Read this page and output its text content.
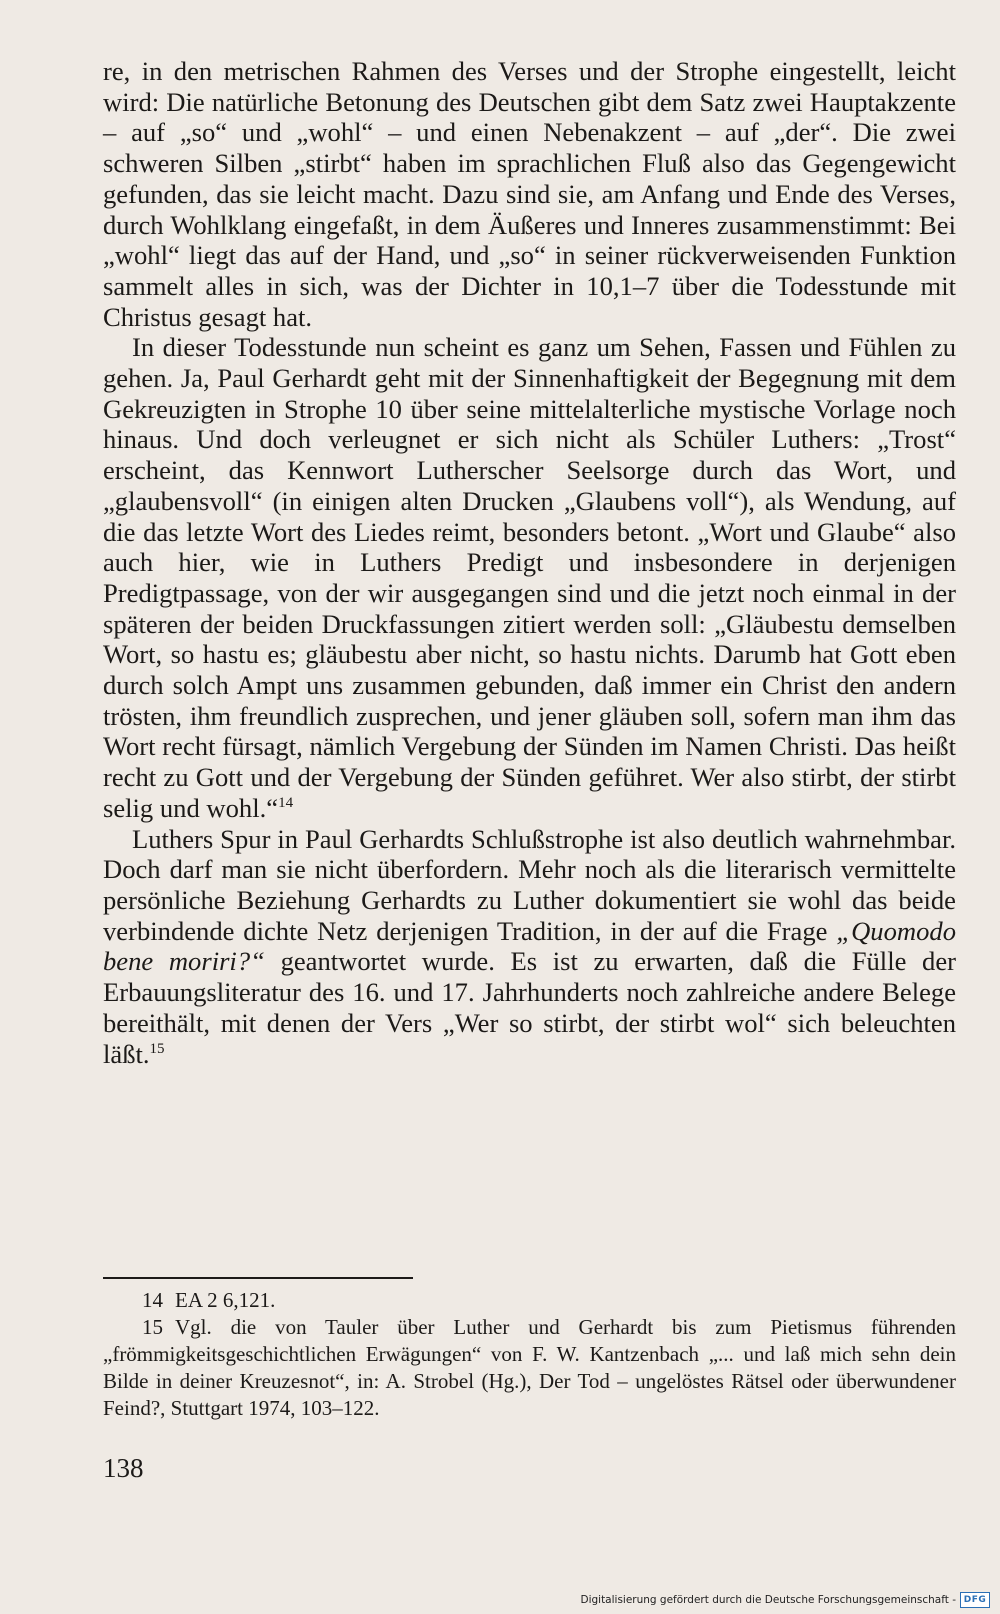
re, in den metrischen Rahmen des Verses und der Strophe eingestellt, leicht wird: Die natürliche Betonung des Deutschen gibt dem Satz zwei Hauptakzente – auf „so“ und „wohl“ – und einen Nebenakzent – auf „der“. Die zwei schweren Silben „stirbt“ haben im sprachlichen Fluß also das Gegengewicht gefunden, das sie leicht macht. Dazu sind sie, am Anfang und Ende des Verses, durch Wohlklang eingefaßt, in dem Äußeres und Inneres zusammenstimmt: Bei „wohl“ liegt das auf der Hand, und „so“ in seiner rückverweisenden Funktion sammelt alles in sich, was der Dichter in 10,1–7 über die Todesstunde mit Christus gesagt hat.

In dieser Todesstunde nun scheint es ganz um Sehen, Fassen und Fühlen zu gehen. Ja, Paul Gerhardt geht mit der Sinnenhaftigkeit der Begegnung mit dem Gekreuzigten in Strophe 10 über seine mittelalterliche mystische Vorlage noch hinaus. Und doch verleugnet er sich nicht als Schüler Luthers: „Trost“ erscheint, das Kennwort Lutherscher Seelsorge durch das Wort, und „glaubensvoll“ (in einigen alten Drucken „Glaubens voll“), als Wendung, auf die das letzte Wort des Liedes reimt, besonders betont. „Wort und Glaube“ also auch hier, wie in Luthers Predigt und insbesondere in derjenigen Predigtpassage, von der wir ausgegangen sind und die jetzt noch einmal in der späteren der beiden Druckfassungen zitiert werden soll: „Gläubestu demselben Wort, so hastu es; gläubestu aber nicht, so hastu nichts. Darumb hat Gott eben durch solch Ampt uns zusammen gebunden, daß immer ein Christ den andern trösten, ihm freundlich zusprechen, und jener gläuben soll, sofern man ihm das Wort recht fürsagt, nämlich Vergebung der Sünden im Namen Christi. Das heißt recht zu Gott und der Vergebung der Sünden geführet. Wer also stirbt, der stirbt selig und wohl.“$^{14}$

Luthers Spur in Paul Gerhardts Schlußstrophe ist also deutlich wahrnehmbar. Doch darf man sie nicht überfordern. Mehr noch als die literarisch vermittelte persönliche Beziehung Gerhardts zu Luther dokumentiert sie wohl das beide verbindende dichte Netz derjenigen Tradition, in der auf die Frage „Quomodo bene moriri?“ geantwortet wurde. Es ist zu erwarten, daß die Fülle der Erbauungsliteratur des 16. und 17. Jahrhunderts noch zahlreiche andere Belege bereithält, mit denen der Vers „Wer so stirbt, der stirbt wol“ sich beleuchten läßt.$^{15}$

14 EA 2 6,121.

15 Vgl. die von Tauler über Luther und Gerhardt bis zum Pietismus führenden „frömmigkeitsgeschichtlichen Erwägungen“ von F. W. Kantzenbach „... und laß mich sehn dein Bilde in deiner Kreuzesnot“, in: A. Strobel (Hg.), Der Tod – ungelöstes Rätsel oder überwundener Feind?, Stuttgart 1974, 103–122.

138
Digitalisierung gefördert durch die Deutsche Forschungsgemeinschaft - DFG
